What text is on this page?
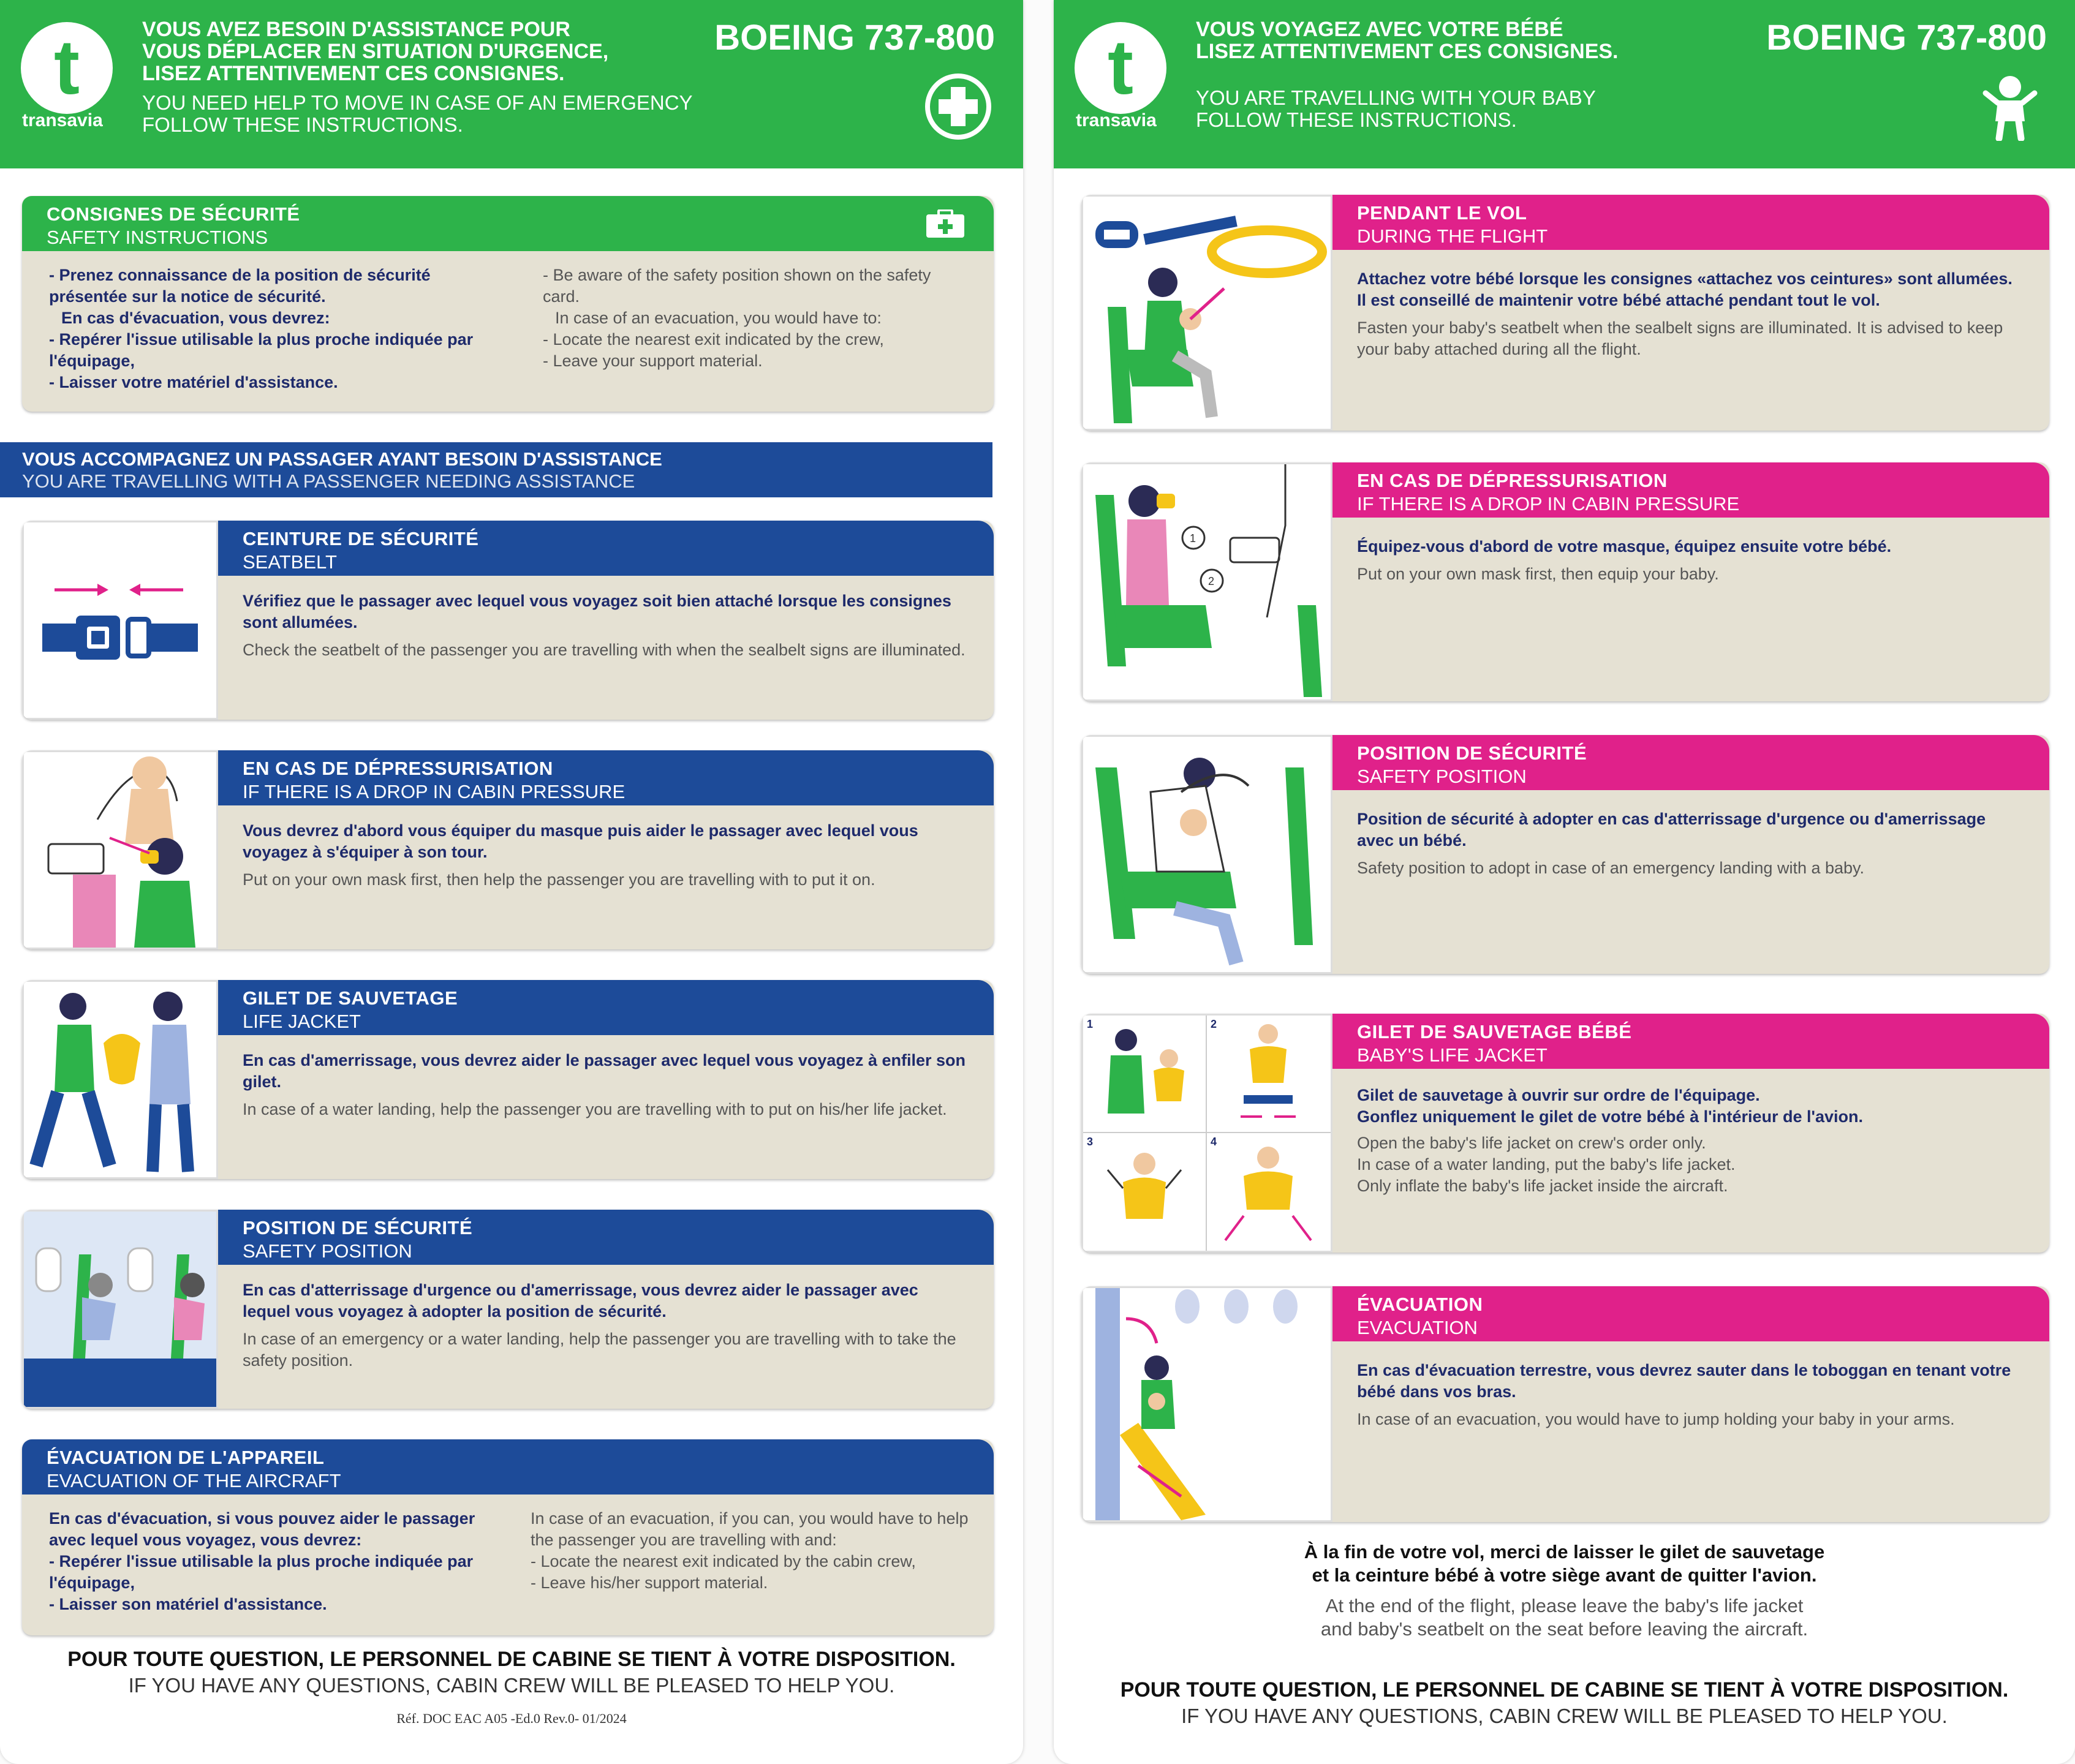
t
transavia
VOUS AVEZ BESOIN D'ASSISTANCE POUR
VOUS DÉPLACER EN SITUATION D'URGENCE,
LISEZ ATTENTIVEMENT CES CONSIGNES.
YOU NEED HELP TO MOVE IN CASE OF AN EMERGENCY
FOLLOW THESE INSTRUCTIONS.
BOEING 737-800
CONSIGNES DE SÉCURITÉ
SAFETY INSTRUCTIONS
- Prenez connaissance de la position de sécurité présentée sur la notice de sécurité.
En cas d'évacuation, vous devrez:
- Repérer l'issue utilisable la plus proche indiquée par l'équipage,
- Laisser votre matériel d'assistance.
- Be aware of the safety position shown on the safety card.
In case of an evacuation, you would have to:
- Locate the nearest exit indicated by the crew,
- Leave your support material.
VOUS ACCOMPAGNEZ UN PASSAGER AYANT BESOIN D'ASSISTANCE
YOU ARE TRAVELLING WITH A PASSENGER NEEDING ASSISTANCE
CEINTURE DE SÉCURITÉ
SEATBELT
Vérifiez que le passager avec lequel vous voyagez soit bien attaché lorsque les consignes sont allumées.
Check the seatbelt of the passenger you are travelling with when the sealbelt signs are illuminated.
EN CAS DE DÉPRESSURISATION
IF THERE IS A DROP IN CABIN PRESSURE
Vous devrez d'abord vous équiper du masque puis aider le passager avec lequel vous voyagez à s'équiper à son tour.
Put on your own mask first, then help the passenger you are travelling with to put it on.
GILET DE SAUVETAGE
LIFE JACKET
En cas d'amerrissage, vous devrez aider le passager avec lequel vous voyagez à enfiler son gilet.
In case of a water landing, help the passenger you are travelling with to put on his/her life jacket.
POSITION DE SÉCURITÉ
SAFETY POSITION
En cas d'atterrissage d'urgence ou d'amerrissage, vous devrez aider le passager avec lequel vous voyagez à adopter la position de sécurité.
In case of an emergency or a water landing, help the passenger you are travelling with to take the safety position.
ÉVACUATION DE L'APPAREIL
EVACUATION OF THE AIRCRAFT
En cas d'évacuation, si vous pouvez aider le passager avec lequel vous voyagez, vous devrez:
- Repérer l'issue utilisable la plus proche indiquée par l'équipage,
- Laisser son matériel d'assistance.
In case of an evacuation, if you can, you would have to help the passenger you are travelling with and:
- Locate the nearest exit indicated by the cabin crew,
- Leave his/her support material.
POUR TOUTE QUESTION, LE PERSONNEL DE CABINE SE TIENT À VOTRE DISPOSITION.
IF YOU HAVE ANY QUESTIONS, CABIN CREW WILL BE PLEASED TO HELP YOU.
Réf. DOC EAC A05 -Ed.0 Rev.0- 01/2024
t
transavia
VOUS VOYAGEZ AVEC VOTRE BÉBÉ
LISEZ ATTENTIVEMENT CES CONSIGNES.
YOU ARE TRAVELLING WITH YOUR BABY
FOLLOW THESE INSTRUCTIONS.
BOEING 737-800
PENDANT LE VOL
DURING THE FLIGHT
Attachez votre bébé lorsque les consignes «attachez vos ceintures» sont allumées. Il est conseillé de maintenir votre bébé attaché pendant tout le vol.
Fasten your baby's seatbelt when the sealbelt signs are illuminated. It is advised to keep your baby attached during all the flight.
1
2
EN CAS DE DÉPRESSURISATION
IF THERE IS A DROP IN CABIN PRESSURE
Équipez-vous d'abord de votre masque, équipez ensuite votre bébé.
Put on your own mask first, then equip your baby.
POSITION DE SÉCURITÉ
SAFETY POSITION
Position de sécurité à adopter en cas d'atterrissage d'urgence ou d'amerrissage avec un bébé.
Safety position to adopt in case of an emergency landing with a baby.
1	2
3	4
GILET DE SAUVETAGE BÉBÉ
BABY'S LIFE JACKET
Gilet de sauvetage à ouvrir sur ordre de l'équipage.
Gonflez uniquement le gilet de votre bébé à l'intérieur de l'avion.
Open the baby's life jacket on crew's order only.
In case of a water landing, put the baby's life jacket.
Only inflate the baby's life jacket inside the aircraft.
ÉVACUATION
EVACUATION
En cas d'évacuation terrestre, vous devrez sauter dans le toboggan en tenant votre bébé dans vos bras.
In case of an evacuation, you would have to jump holding your baby in your arms.
À la fin de votre vol, merci de laisser le gilet de sauvetage
et la ceinture bébé à votre siège avant de quitter l'avion.
At the end of the flight, please leave the baby's life jacket
and baby's seatbelt on the seat before leaving the aircraft.
POUR TOUTE QUESTION, LE PERSONNEL DE CABINE SE TIENT À VOTRE DISPOSITION.
IF YOU HAVE ANY QUESTIONS, CABIN CREW WILL BE PLEASED TO HELP YOU.
